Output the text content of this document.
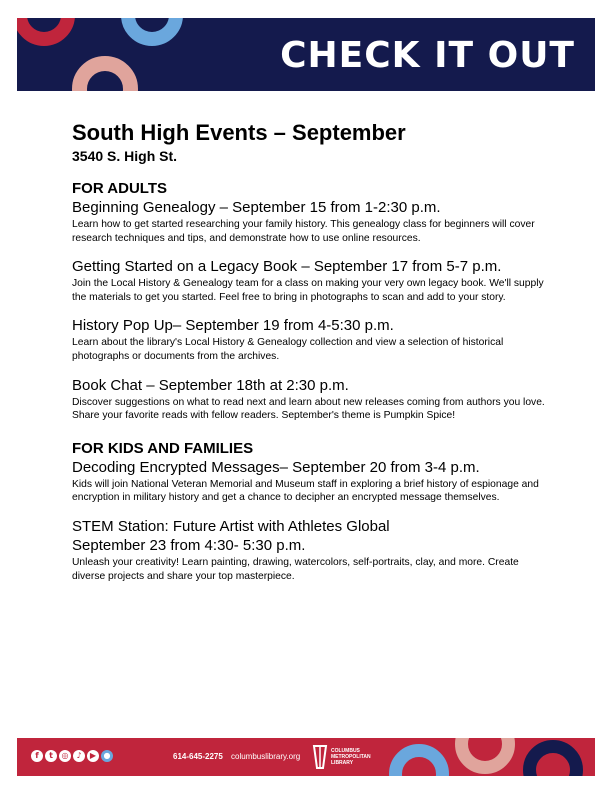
CHECK IT OUT
South High Events – September
3540 S. High St.
FOR ADULTS
Beginning Genealogy – September 15 from 1-2:30 p.m.
Learn how to get started researching your family history. This genealogy class for beginners will cover research techniques and tips, and demonstrate how to use online resources.
Getting Started on a Legacy Book – September 17 from 5-7 p.m.
Join the Local History & Genealogy team for a class on making your very own legacy book. We'll supply the materials to get you started. Feel free to bring in photographs to scan and add to your story.
History Pop Up– September 19 from 4-5:30 p.m.
Learn about the library's Local History & Genealogy collection and view a selection of historical photographs or documents from the archives.
Book Chat – September 18th at 2:30 p.m.
Discover suggestions on what to read next and learn about new releases coming from authors you love. Share your favorite reads with fellow readers. September's theme is Pumpkin Spice!
FOR KIDS AND FAMILIES
Decoding Encrypted Messages– September 20 from 3-4 p.m.
Kids will join National Veteran Memorial and Museum staff in exploring a brief history of espionage and encryption in military history and get a chance to decipher an encrypted message themselves.
STEM Station: Future Artist with Athletes Global
September 23 from 4:30- 5:30 p.m.
Unleash your creativity! Learn painting, drawing, watercolors, self-portraits, clay, and more. Create diverse projects and share your top masterpiece.
f	t	◎ ♪	▶ ●	614-645-2275 columbuslibrary.org
COLUMBUS
METROPOLITAN
LIBRARY
